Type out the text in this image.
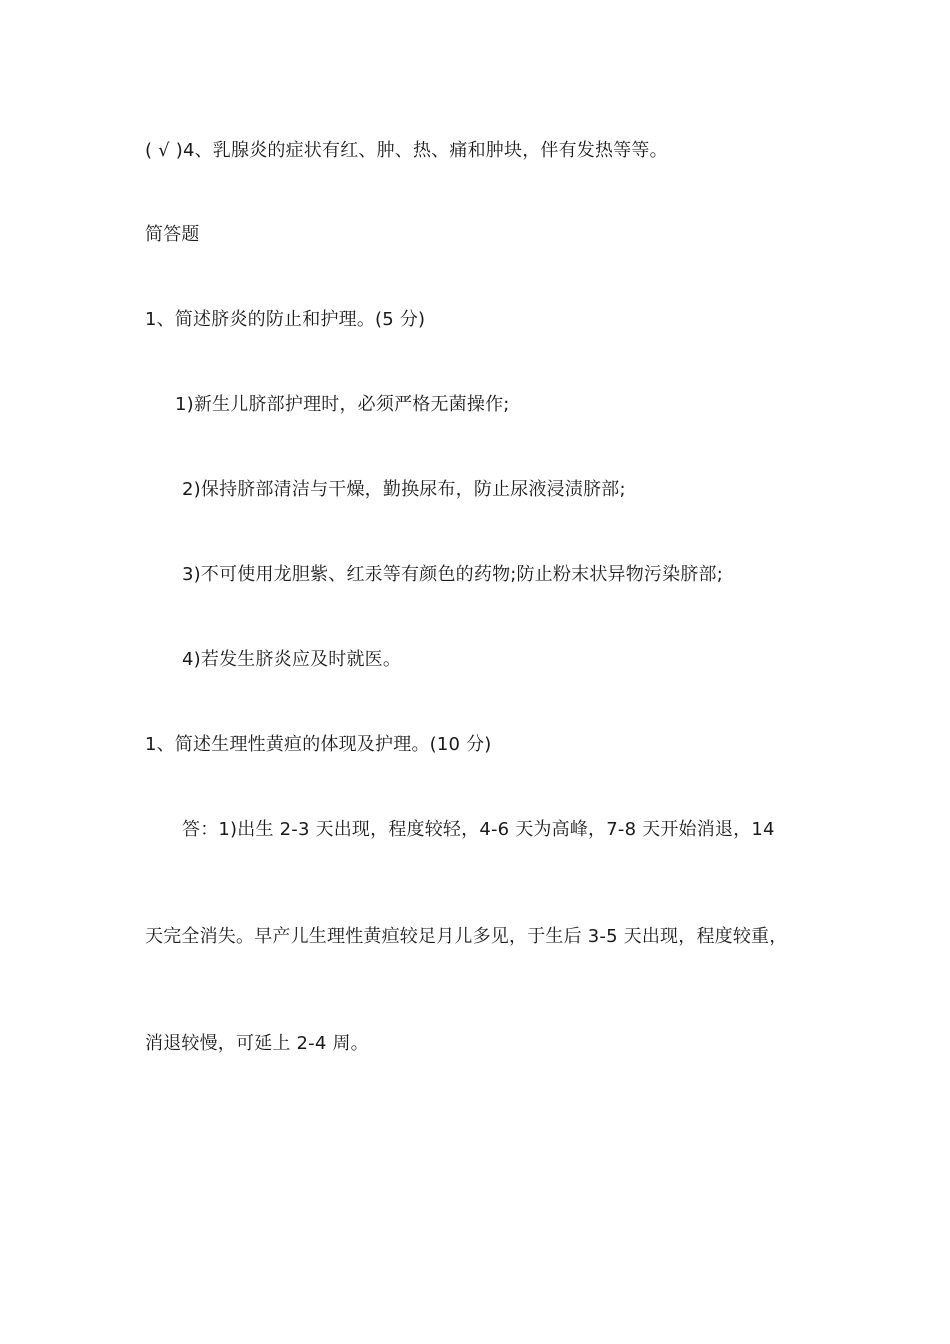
( √ )4、乳腺炎的症状有红、肿、热、痛和肿块，伴有发热等等。
简答题
1、简述脐炎的防止和护理。(5 分)
1)新生儿脐部护理时，必须严格无菌操作;
2)保持脐部清洁与干燥，勤换尿布，防止尿液浸渍脐部;
3)不可使用龙胆紫、红汞等有颜色的药物;防止粉末状异物污染脐部;
4)若发生脐炎应及时就医。
1、简述生理性黄疸的体现及护理。(10 分)
答：1)出生 2-3 天出现，程度较轻，4-6 天为高峰，7-8 天开始消退，14
天完全消失。早产儿生理性黄疸较足月儿多见，于生后 3-5 天出现，程度较重，
消退较慢，可延上 2-4 周。
